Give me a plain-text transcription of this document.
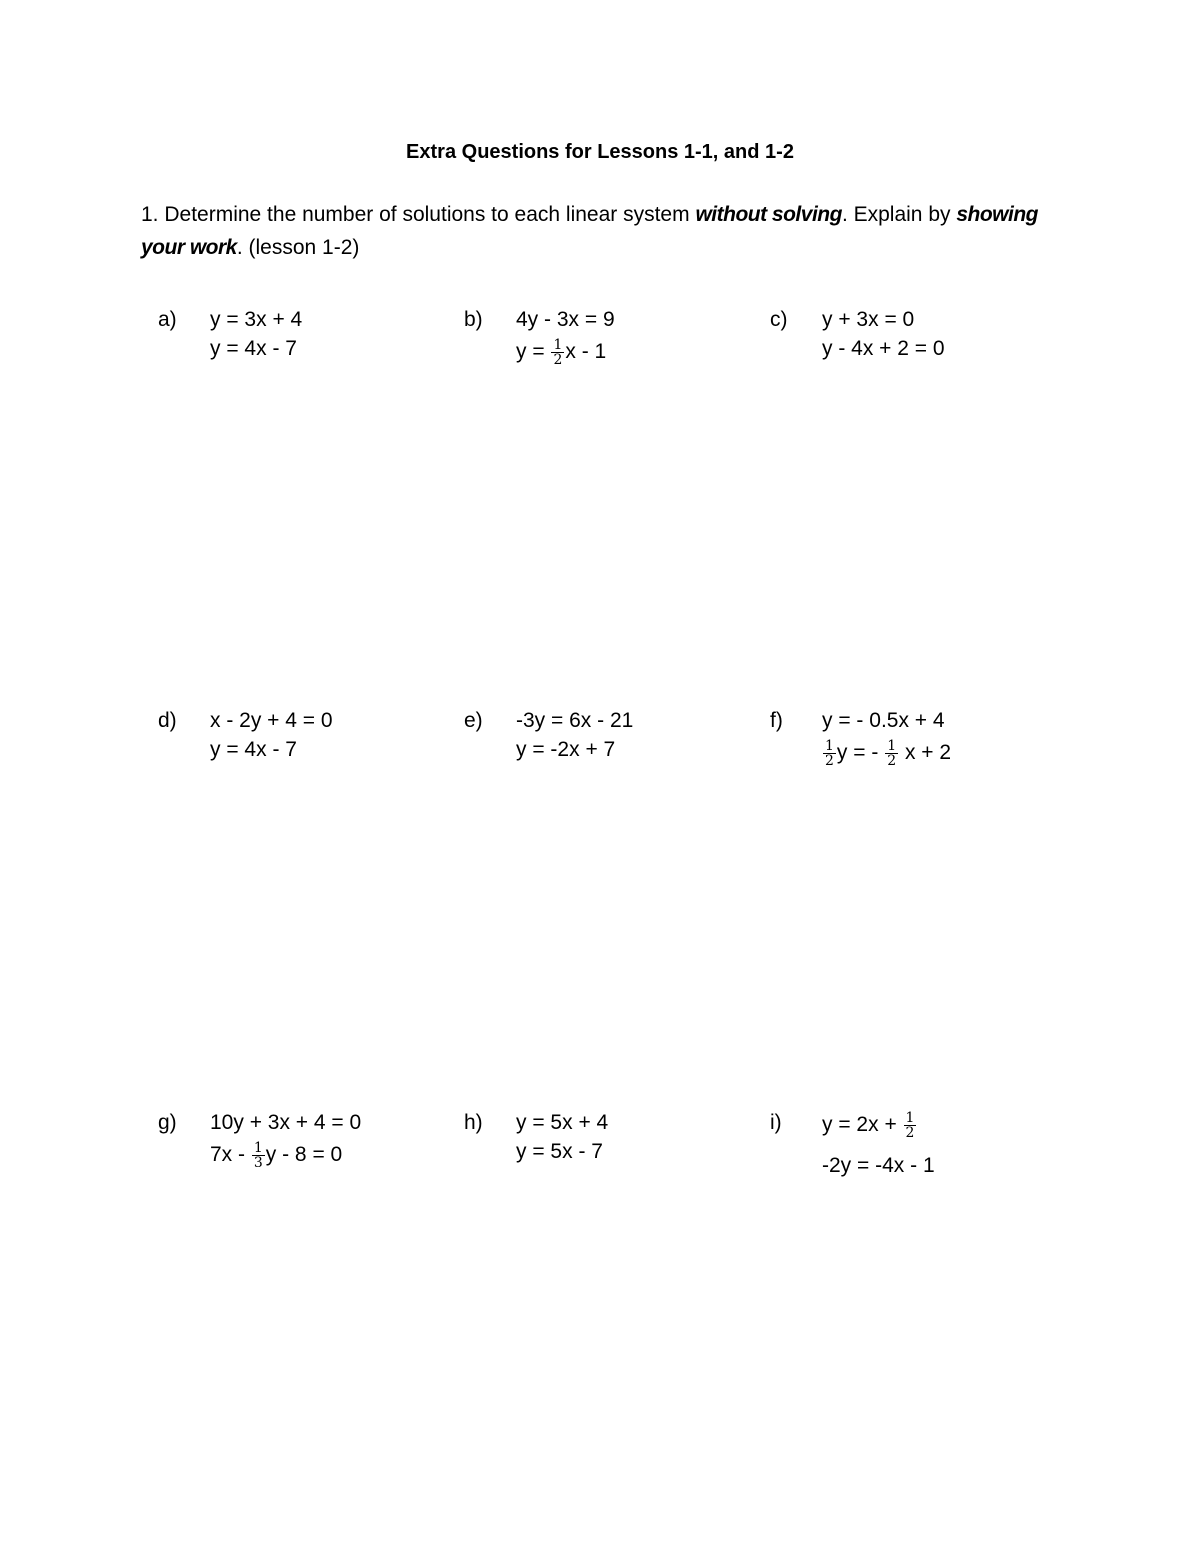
Extra Questions for Lessons 1-1, and 1-2
1. Determine the number of solutions to each linear system without solving. Explain by showing your work. (lesson 1-2)
a) y = 3x + 4
y = 4x - 7
b) 4y - 3x = 9
$y = \frac{1}{2}$ x - 1
c) y + 3x = 0
y - 4x + 2 = 0
d) x - 2y + 4 = 0
y = 4x - 7
e) -3y = 6x - 21
y = -2x + 7
f) y = - 0.5x + 4
$\frac{1}{2}$ y = - $\frac{1}{2}$ x + 2
g) 10y + 3x + 4 = 0
$7x - \frac{1}{3}$ y - 8 = 0
h) y = 5x + 4
y = 5x - 7
i) $y = 2x + \frac{1}{2}$
-2y = -4x - 1
